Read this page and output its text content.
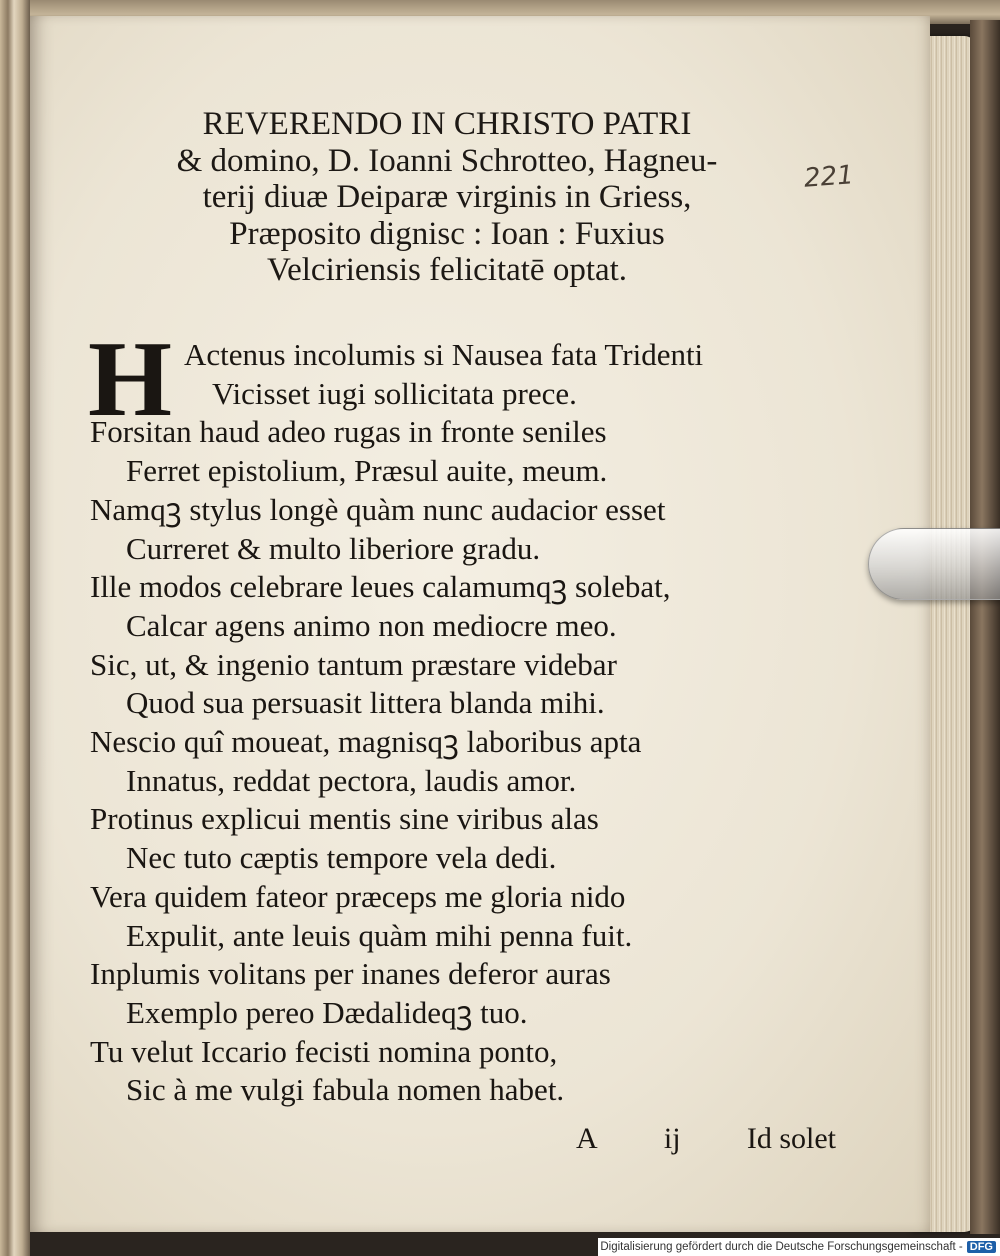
REVERENDO IN CHRISTO PATRI

& domino, D. Ioanni Schrotteo, Hagneu-

terij diuæ Deiparæ virginis in Griess,

Præposito dignisс : Ioan : Fuxius

Velciriensis felicitatē optat.

221
H Actenus incolumis si Nausea fata Tridenti
Vicisset iugi sollicitata prece.
Forsitan haud adeo rugas in fronte seniles
Ferret epistolium, Præsul auite, meum.
Namqꝫ stylus longè quàm nunc audacior esset
Curreret & multo liberiore gradu.
Ille modos celebrare leues calamumqꝫ solebat,
Calcar agens animo non mediocre meo.
Sic, ut, & ingenio tantum præstare videbar
Quod sua persuasit littera blanda mihi.
Nescio quî moueat, magnisqꝫ laboribus apta
Innatus, reddat pectora, laudis amor.
Protinus explicui mentis sine viribus alas
Nec tuto cæptis tempore vela dedi.
Vera quidem fateor præceps me gloria nido
Expulit, ante leuis quàm mihi penna fuit.
Inplumis volitans per inanes deferor auras
Exemplo pereo Dædalideqꝫ tuo.
Tu velut Iccario fecisti nomina ponto,
Sic à me vulgi fabula nomen habet.
A ij Id solet
Digitalisierung gefördert durch die Deutsche Forschungsgemeinschaft - DFG
